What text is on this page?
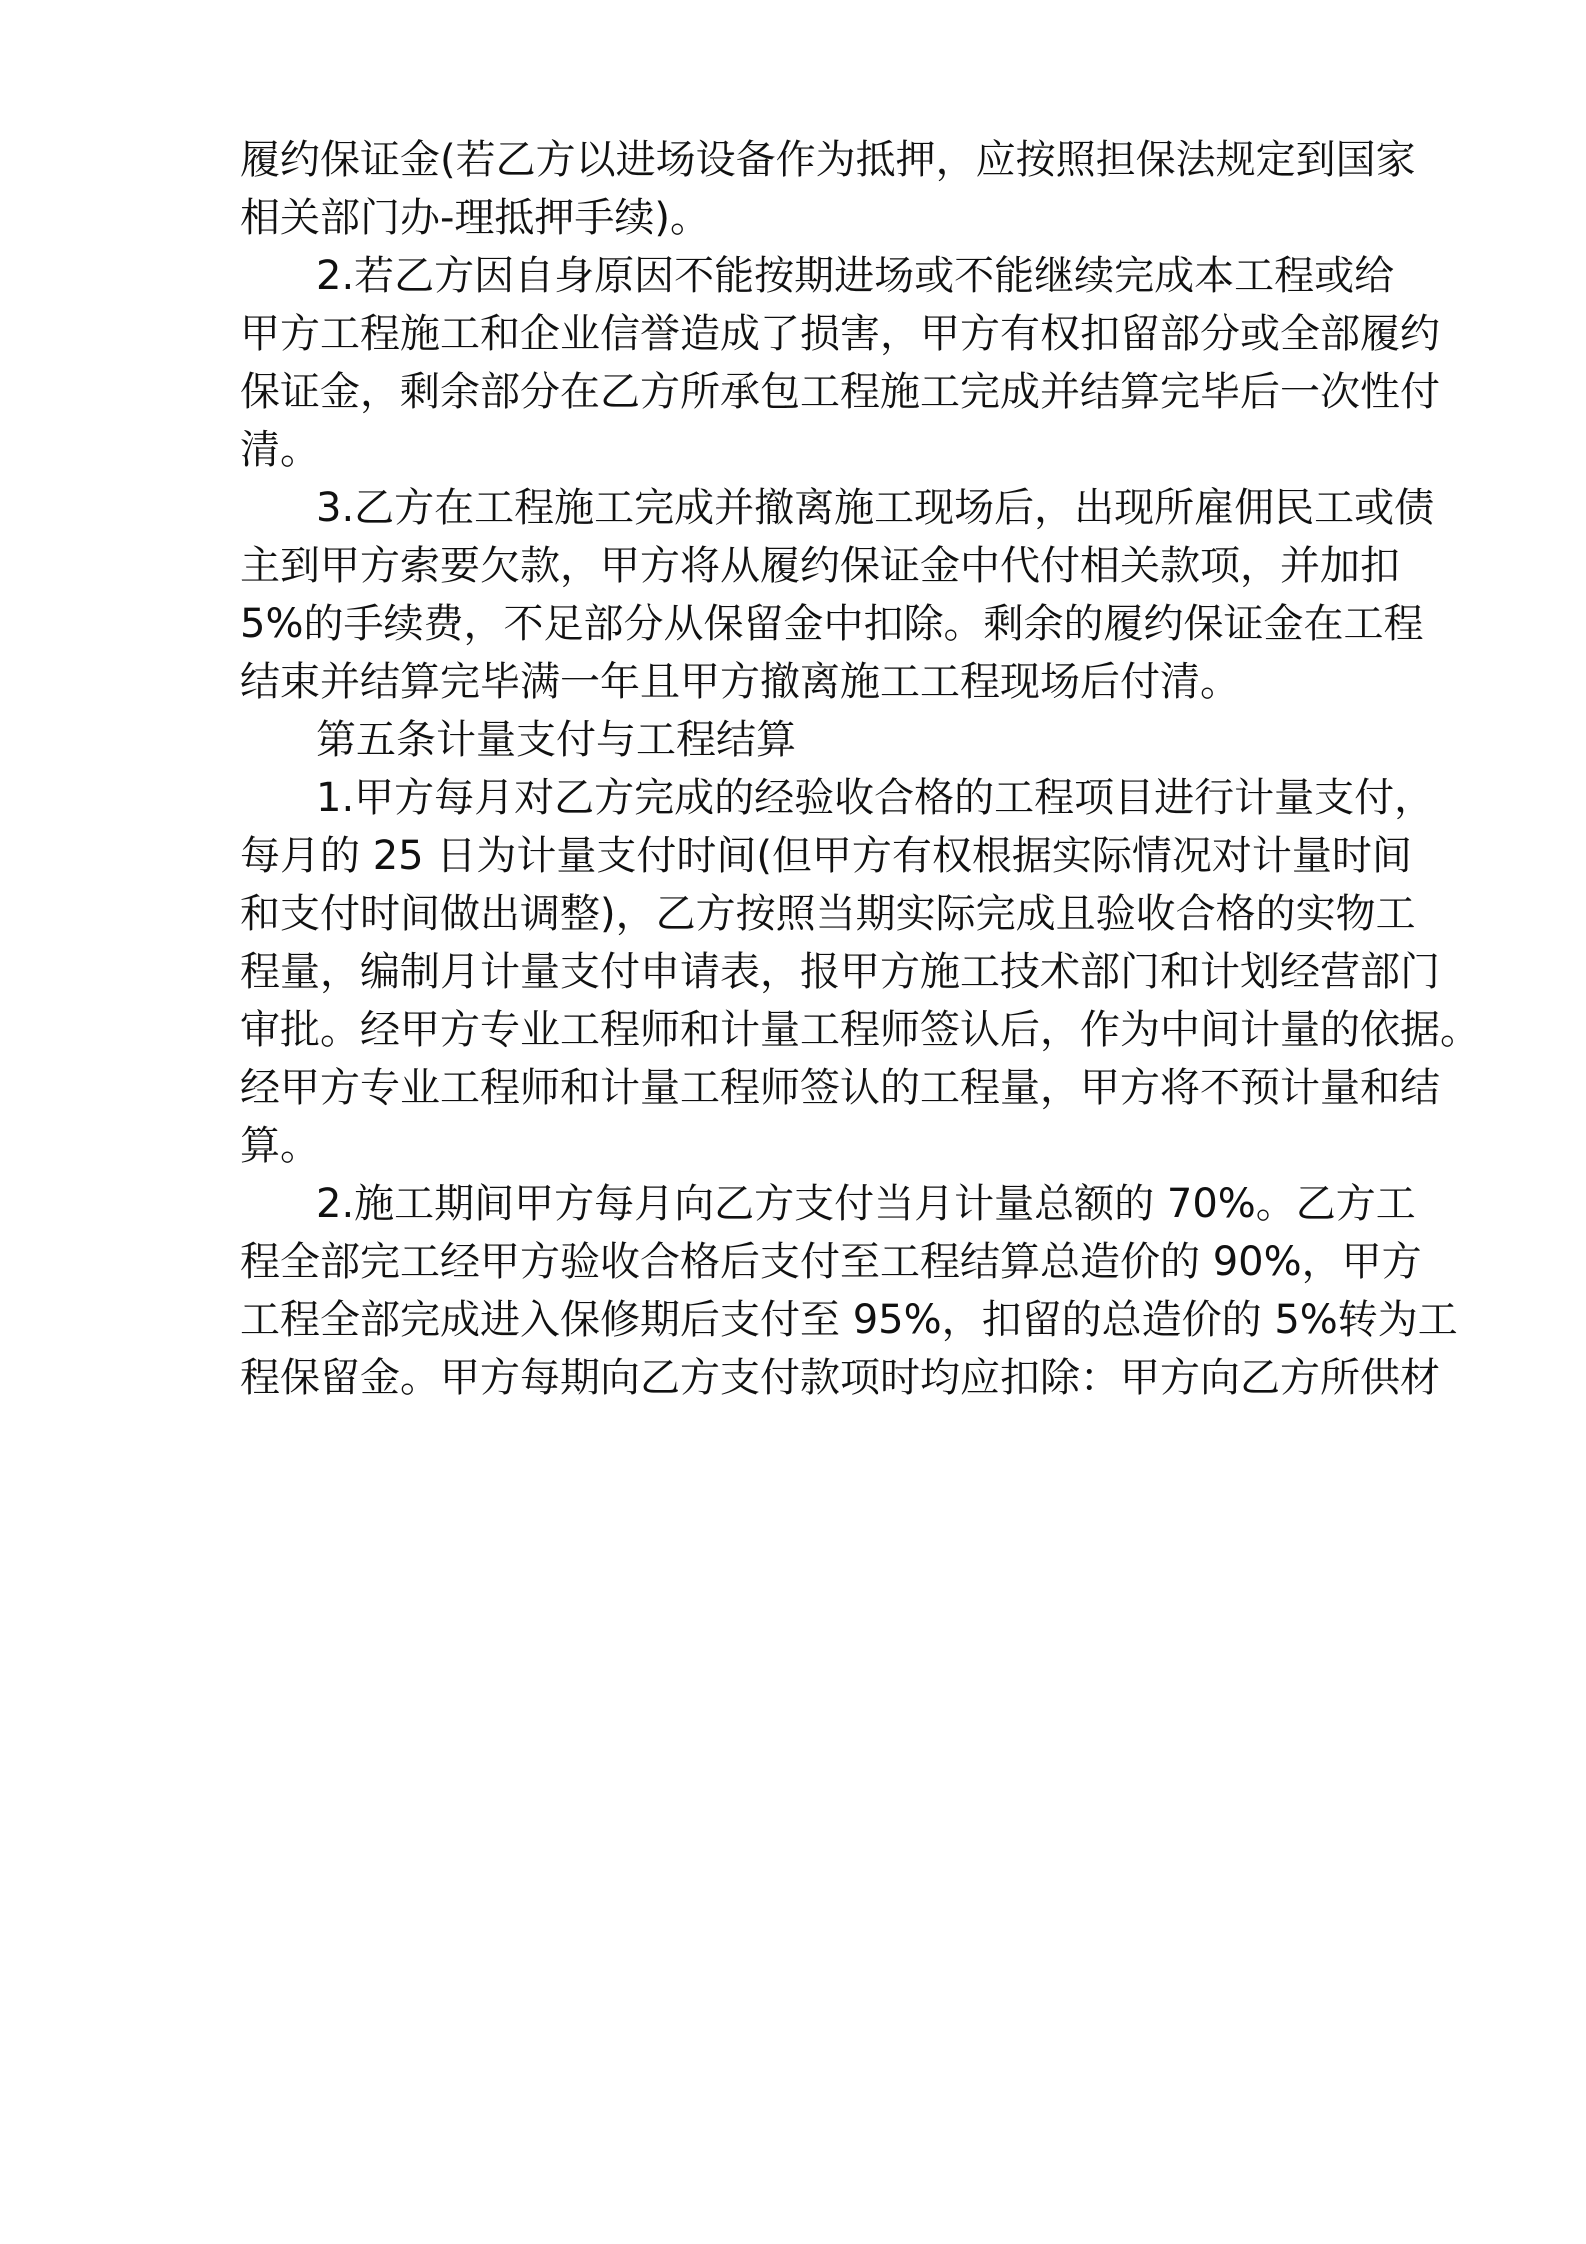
履约保证金(若乙方以进场设备作为抵押，应按照担保法规定到国家
相关部门办-理抵押手续)。
2.若乙方因自身原因不能按期进场或不能继续完成本工程或给
甲方工程施工和企业信誉造成了损害，甲方有权扣留部分或全部履约
保证金，剩余部分在乙方所承包工程施工完成并结算完毕后一次性付
清。
3.乙方在工程施工完成并撤离施工现场后，出现所雇佣民工或债
主到甲方索要欠款，甲方将从履约保证金中代付相关款项，并加扣
5%的手续费，不足部分从保留金中扣除。剩余的履约保证金在工程
结束并结算完毕满一年且甲方撤离施工工程现场后付清。
第五条计量支付与工程结算
1.甲方每月对乙方完成的经验收合格的工程项目进行计量支付，
每月的 25 日为计量支付时间(但甲方有权根据实际情况对计量时间
和支付时间做出调整)，乙方按照当期实际完成且验收合格的实物工
程量，编制月计量支付申请表，报甲方施工技术部门和计划经营部门
审批。经甲方专业工程师和计量工程师签认后，作为中间计量的依据。
经甲方专业工程师和计量工程师签认的工程量，甲方将不预计量和结
算。
2.施工期间甲方每月向乙方支付当月计量总额的 70%。乙方工
程全部完工经甲方验收合格后支付至工程结算总造价的 90%，甲方
工程全部完成进入保修期后支付至 95%，扣留的总造价的 5%转为工
程保留金。甲方每期向乙方支付款项时均应扣除：甲方向乙方所供材
